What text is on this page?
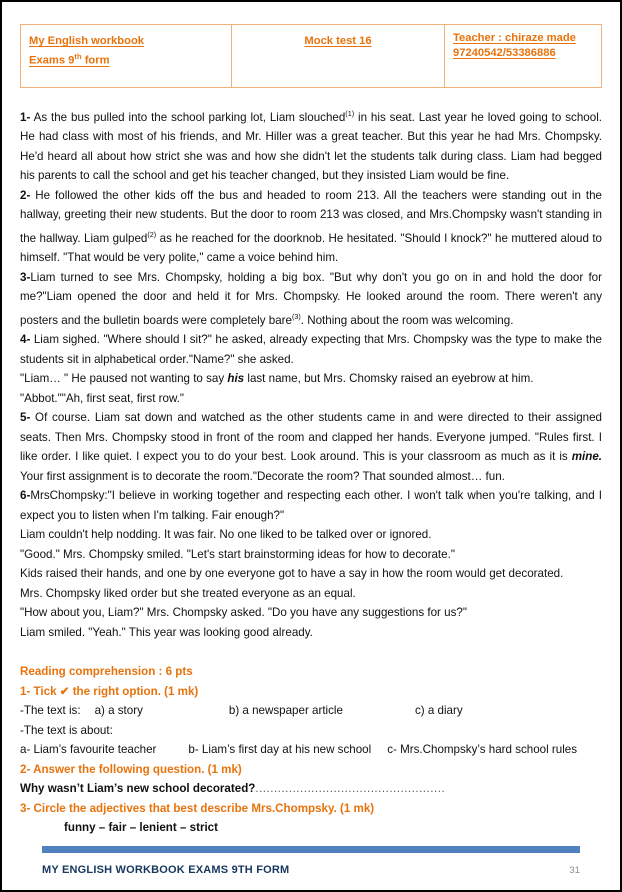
My English workbook
Exams 9th form
	Mock test 16	Teacher : chiraze made
97240542/53386886

1- As the bus pulled into the school parking lot, Liam slouched$^{(1)}$ in his seat. Last year he loved going to school. He had class with most of his friends, and Mr. Hiller was a great teacher. But this year he had Mrs. Chompsky. He'd heard all about how strict she was and how she didn't let the students talk during class. Liam had begged his parents to call the school and get his teacher changed, but they insisted Liam would be fine.

2- He followed the other kids off the bus and headed to room 213. All the teachers were standing out in the hallway, greeting their new students. But the door to room 213 was closed, and Mrs.Chompsky wasn't standing in the hallway. Liam gulped$^{(2)}$ as he reached for the doorknob. He hesitated. "Should I knock?" he muttered aloud to himself. "That would be very polite," came a voice behind him.

3-Liam turned to see Mrs. Chompsky, holding a big box. "But why don't you go on in and hold the door for me?"Liam opened the door and held it for Mrs. Chompsky. He looked around the room. There weren't any posters and the bulletin boards were completely bare$^{(3)}$. Nothing about the room was welcoming.

4- Liam sighed. "Where should I sit?" he asked, already expecting that Mrs. Chompsky was the type to make the students sit in alphabetical order."Name?" she asked.

"Liam… " He paused not wanting to say his last name, but Mrs. Chomsky raised an eyebrow at him.

"Abbot.""Ah, first seat, first row."

5- Of course. Liam sat down and watched as the other students came in and were directed to their assigned seats. Then Mrs. Chompsky stood in front of the room and clapped her hands. Everyone jumped. "Rules first. I like order. I like quiet. I expect you to do your best. Look around. This is your classroom as much as it is mine. Your first assignment is to decorate the room."Decorate the room? That sounded almost… fun.

6-MrsChompsky:"I believe in working together and respecting each other. I won't talk when you're talking, and I expect you to listen when I'm talking. Fair enough?"

Liam couldn't help nodding. It was fair. No one liked to be talked over or ignored.

"Good." Mrs. Chompsky smiled. "Let's start brainstorming ideas for how to decorate."

Kids raised their hands, and one by one everyone got to have a say in how the room would get decorated.

Mrs. Chompsky liked order but she treated everyone as an equal.

"How about you, Liam?" Mrs. Chompsky asked. "Do you have any suggestions for us?"

Liam smiled. "Yeah." This year was looking good already.

Reading comprehension : 6 pts
1- Tick ✔ the right option. (1 mk)
-The text is: a) a story	b) a newspaper article	c) a diary
-The text is about:
a- Liam’s favourite teacher	b- Liam’s first day at his new school c- Mrs.Chompsky’s hard school rules
2- Answer the following question. (1 mk)
Why wasn’t Liam’s new school decorated?...................................................
3- Circle the adjectives that best describe Mrs.Chompsky. (1 mk)
funny – fair – lenient – strict
MY ENGLISH WORKBOOK EXAMS 9TH FORM	31
